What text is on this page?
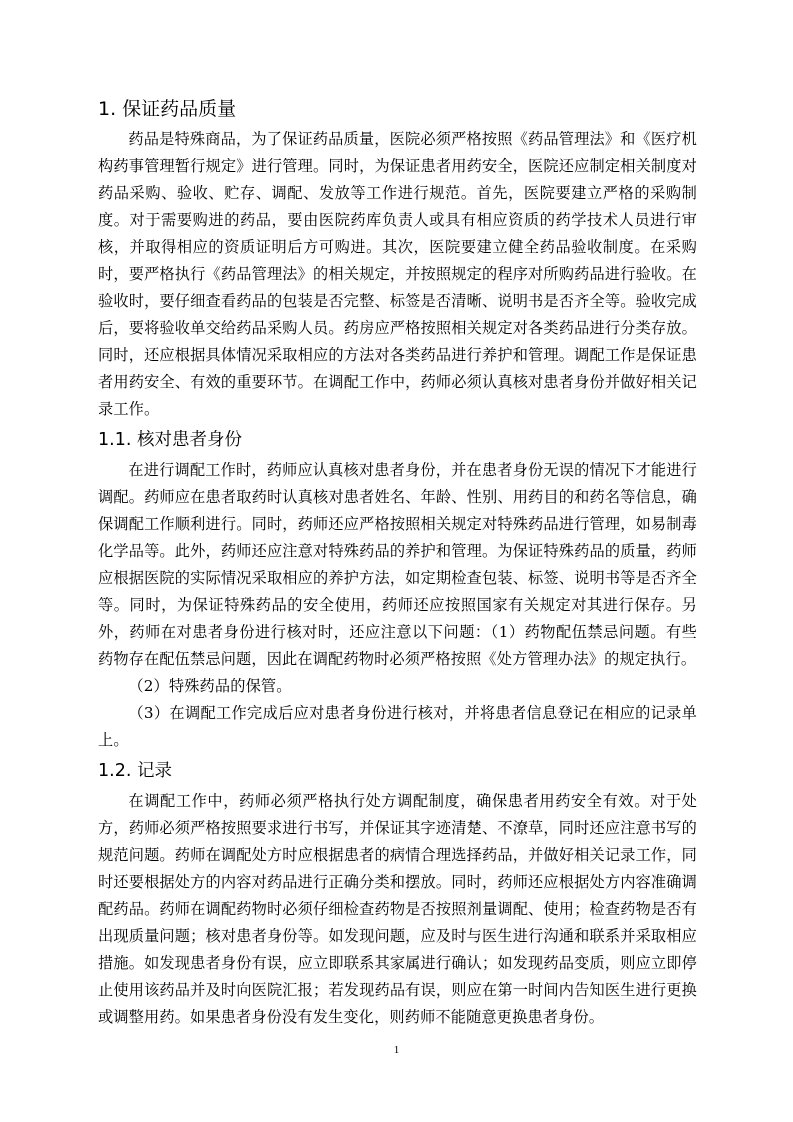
1. 保证药品质量

药品是特殊商品，为了保证药品质量，医院必须严格按照《药品管理法》和《医疗机构药事管理暂行规定》进行管理。同时，为保证患者用药安全，医院还应制定相关制度对药品采购、验收、贮存、调配、发放等工作进行规范。首先，医院要建立严格的采购制度。对于需要购进的药品，要由医院药库负责人或具有相应资质的药学技术人员进行审核，并取得相应的资质证明后方可购进。其次，医院要建立健全药品验收制度。在采购时，要严格执行《药品管理法》的相关规定，并按照规定的程序对所购药品进行验收。在验收时，要仔细查看药品的包装是否完整、标签是否清晰、说明书是否齐全等。验收完成后，要将验收单交给药品采购人员。药房应严格按照相关规定对各类药品进行分类存放。同时，还应根据具体情况采取相应的方法对各类药品进行养护和管理。调配工作是保证患者用药安全、有效的重要环节。在调配工作中，药师必须认真核对患者身份并做好相关记录工作。

1.1. 核对患者身份

在进行调配工作时，药师应认真核对患者身份，并在患者身份无误的情况下才能进行调配。药师应在患者取药时认真核对患者姓名、年龄、性别、用药目的和药名等信息，确保调配工作顺利进行。同时，药师还应严格按照相关规定对特殊药品进行管理，如易制毒化学品等。此外，药师还应注意对特殊药品的养护和管理。为保证特殊药品的质量，药师应根据医院的实际情况采取相应的养护方法，如定期检查包装、标签、说明书等是否齐全等。同时，为保证特殊药品的安全使用，药师还应按照国家有关规定对其进行保存。另外，药师在对患者身份进行核对时，还应注意以下问题：（1）药物配伍禁忌问题。有些药物存在配伍禁忌问题，因此在调配药物时必须严格按照《处方管理办法》的规定执行。

（2）特殊药品的保管。

（3）在调配工作完成后应对患者身份进行核对，并将患者信息登记在相应的记录单上。

1.2. 记录

在调配工作中，药师必须严格执行处方调配制度，确保患者用药安全有效。对于处方，药师必须严格按照要求进行书写，并保证其字迹清楚、不潦草，同时还应注意书写的规范问题。药师在调配处方时应根据患者的病情合理选择药品，并做好相关记录工作，同时还要根据处方的内容对药品进行正确分类和摆放。同时，药师还应根据处方内容准确调配药品。药师在调配药物时必须仔细检查药物是否按照剂量调配、使用；检查药物是否有出现质量问题；核对患者身份等。如发现问题，应及时与医生进行沟通和联系并采取相应措施。如发现患者身份有误，应立即联系其家属进行确认；如发现药品变质，则应立即停止使用该药品并及时向医院汇报；若发现药品有误，则应在第一时间内告知医生进行更换或调整用药。如果患者身份没有发生变化，则药师不能随意更换患者身份。

1
